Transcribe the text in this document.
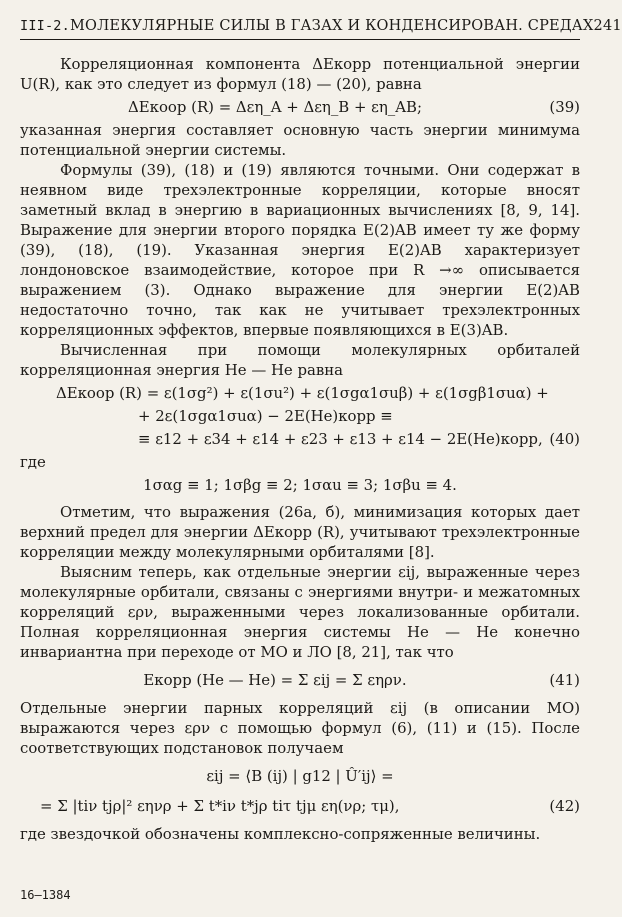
III-2. МОЛЕКУЛЯРНЫЕ СИЛЫ В ГАЗАХ И КОНДЕНСИРОВАН. СРЕДАХ 241

Корреляционная компонента ΔEкорр потенциальной энергии U(R), как это следует из формул (18) — (20), равна

ΔEкоор (R) = Δεη_A + Δεη_B + εη_AB;	(39)

указанная энергия составляет основную часть энергии минимума потенциальной энергии системы.

Формулы (39), (18) и (19) являются точными. Они содержат в неявном виде трехэлектронные корреляции, которые вносят заметный вклад в энергию в вариационных вычислениях [8, 9, 14]. Выражение для энергии второго порядка E(2)AB имеет ту же форму (39), (18), (19). Указанная энергия E(2)AB характеризует лондоновское взаимодействие, которое при R →∞ описывается выражением (3). Однако выражение для энергии E(2)AB недостаточно точно, так как не учитывает трехэлектронных корреляционных эффектов, впервые появляющихся в E(3)AB.

Вычисленная при помощи молекулярных орбиталей корреляционная энергия He — He равна

ΔEкоор (R) = ε(1σg²) + ε(1σu²) + ε(1σgα1σuβ) + ε(1σgβ1σuα) +
+ 2ε(1σgα1σuα) − 2E(He)корр ≡
≡ ε12 + ε34 + ε14 + ε23 + ε13 + ε14 − 2E(He)корр, (40)

где

1σαg ≡ 1; 1σβg ≡ 2; 1σαu ≡ 3; 1σβu ≡ 4.

Отметим, что выражения (26а, б), минимизация которых дает верхний предел для энергии ΔEкорр (R), учитывают трехэлектронные корреляции между молекулярными орбиталями [8].

Выясним теперь, как отдельные энергии εij, выраженные через молекулярные орбитали, связаны с энергиями внутри- и межатомных корреляций ερν, выраженными через локализованные орбитали. Полная корреляционная энергия системы He — He конечно инвариантна при переходе от МО и ЛО [8, 21], так что

Eкорр (He — He) = Σ εij = Σ εηρν.	(41)

Отдельные энергии парных корреляций εij (в описании МО) выражаются через ερν с помощью формул (6), (11) и (15). После соответствующих подстановок получаем

εij = ⟨B (ij) | g12 | Û′ij⟩ =
= Σ |tiν tjρ|² εηνρ + Σ t*iν t*jρ tiτ tjμ εη(νρ; τμ),	(42)

где звездочкой обозначены комплексно-сопряженные величины.

16—1384
